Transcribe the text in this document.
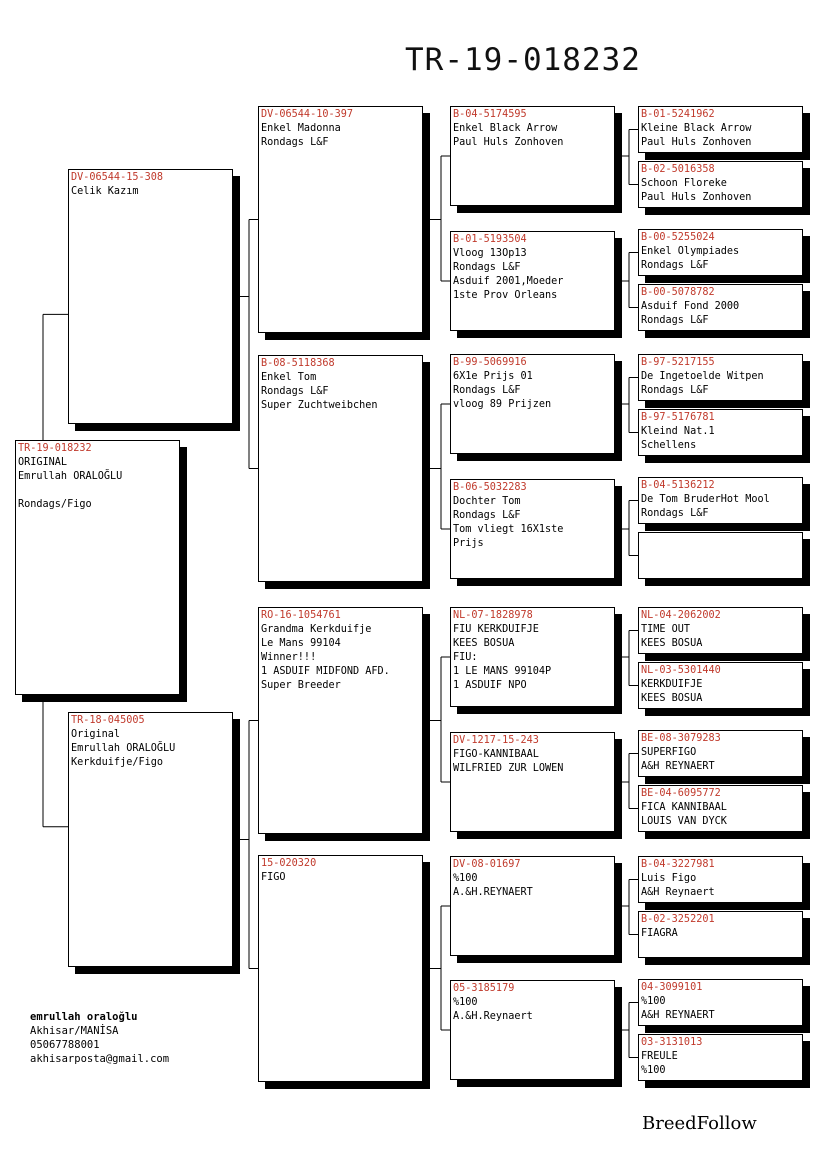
TR-19-018232
TR-19-018232
ORIGINAL
Emrullah ORALOĞLU

Rondags/Figo
DV-06544-15-308
Celik Kazım
TR-18-045005
Original
Emrullah ORALOĞLU
Kerkduifje/Figo
DV-06544-10-397
Enkel Madonna
Rondags L&F
B-08-5118368
Enkel Tom
Rondags L&F
Super Zuchtweibchen
RO-16-1054761
Grandma Kerkduifje
Le Mans 99104
Winner!!!
1 ASDUIF MIDFOND AFD.
Super Breeder
15-020320
FIGO
B-04-5174595
Enkel Black Arrow
Paul Huls Zonhoven
B-01-5193504
Vloog 13Op13
Rondags L&F
Asduif 2001,Moeder
1ste Prov Orleans
B-99-5069916
6X1e Prijs 01
Rondags L&F
vloog 89 Prijzen
B-06-5032283
Dochter Tom
Rondags L&F
Tom vliegt 16X1ste
Prijs
NL-07-1828978
FIU KERKDUIFJE
KEES BOSUA
FIU:
1 LE MANS 99104P
1 ASDUIF NPO
DV-1217-15-243
FIGO-KANNIBAAL
WILFRIED ZUR LOWEN
DV-08-01697
%100
A.&H.REYNAERT
05-3185179
%100
A.&H.Reynaert
B-01-5241962
Kleine Black Arrow
Paul Huls Zonhoven
B-02-5016358
Schoon Floreke
Paul Huls Zonhoven
B-00-5255024
Enkel Olympiades
Rondags L&F
B-00-5078782
Asduif Fond 2000
Rondags L&F
B-97-5217155
De Ingetoelde Witpen
Rondags L&F
B-97-5176781
Kleind Nat.1
Schellens
B-04-5136212
De Tom BruderHot Mool
Rondags L&F
NL-04-2062002
TIME OUT
KEES BOSUA
NL-03-5301440
KERKDUIFJE
KEES BOSUA
BE-08-3079283
SUPERFIGO
A&H REYNAERT
BE-04-6095772
FICA KANNIBAAL
LOUIS VAN DYCK
B-04-3227981
Luis Figo
A&H Reynaert
B-02-3252201
FIAGRA
04-3099101
%100
A&H REYNAERT
03-3131013
FREULE
%100
emrullah oraloğlu
Akhisar/MANİSA
05067788001
akhisarposta@gmail.com
BreedFollow
